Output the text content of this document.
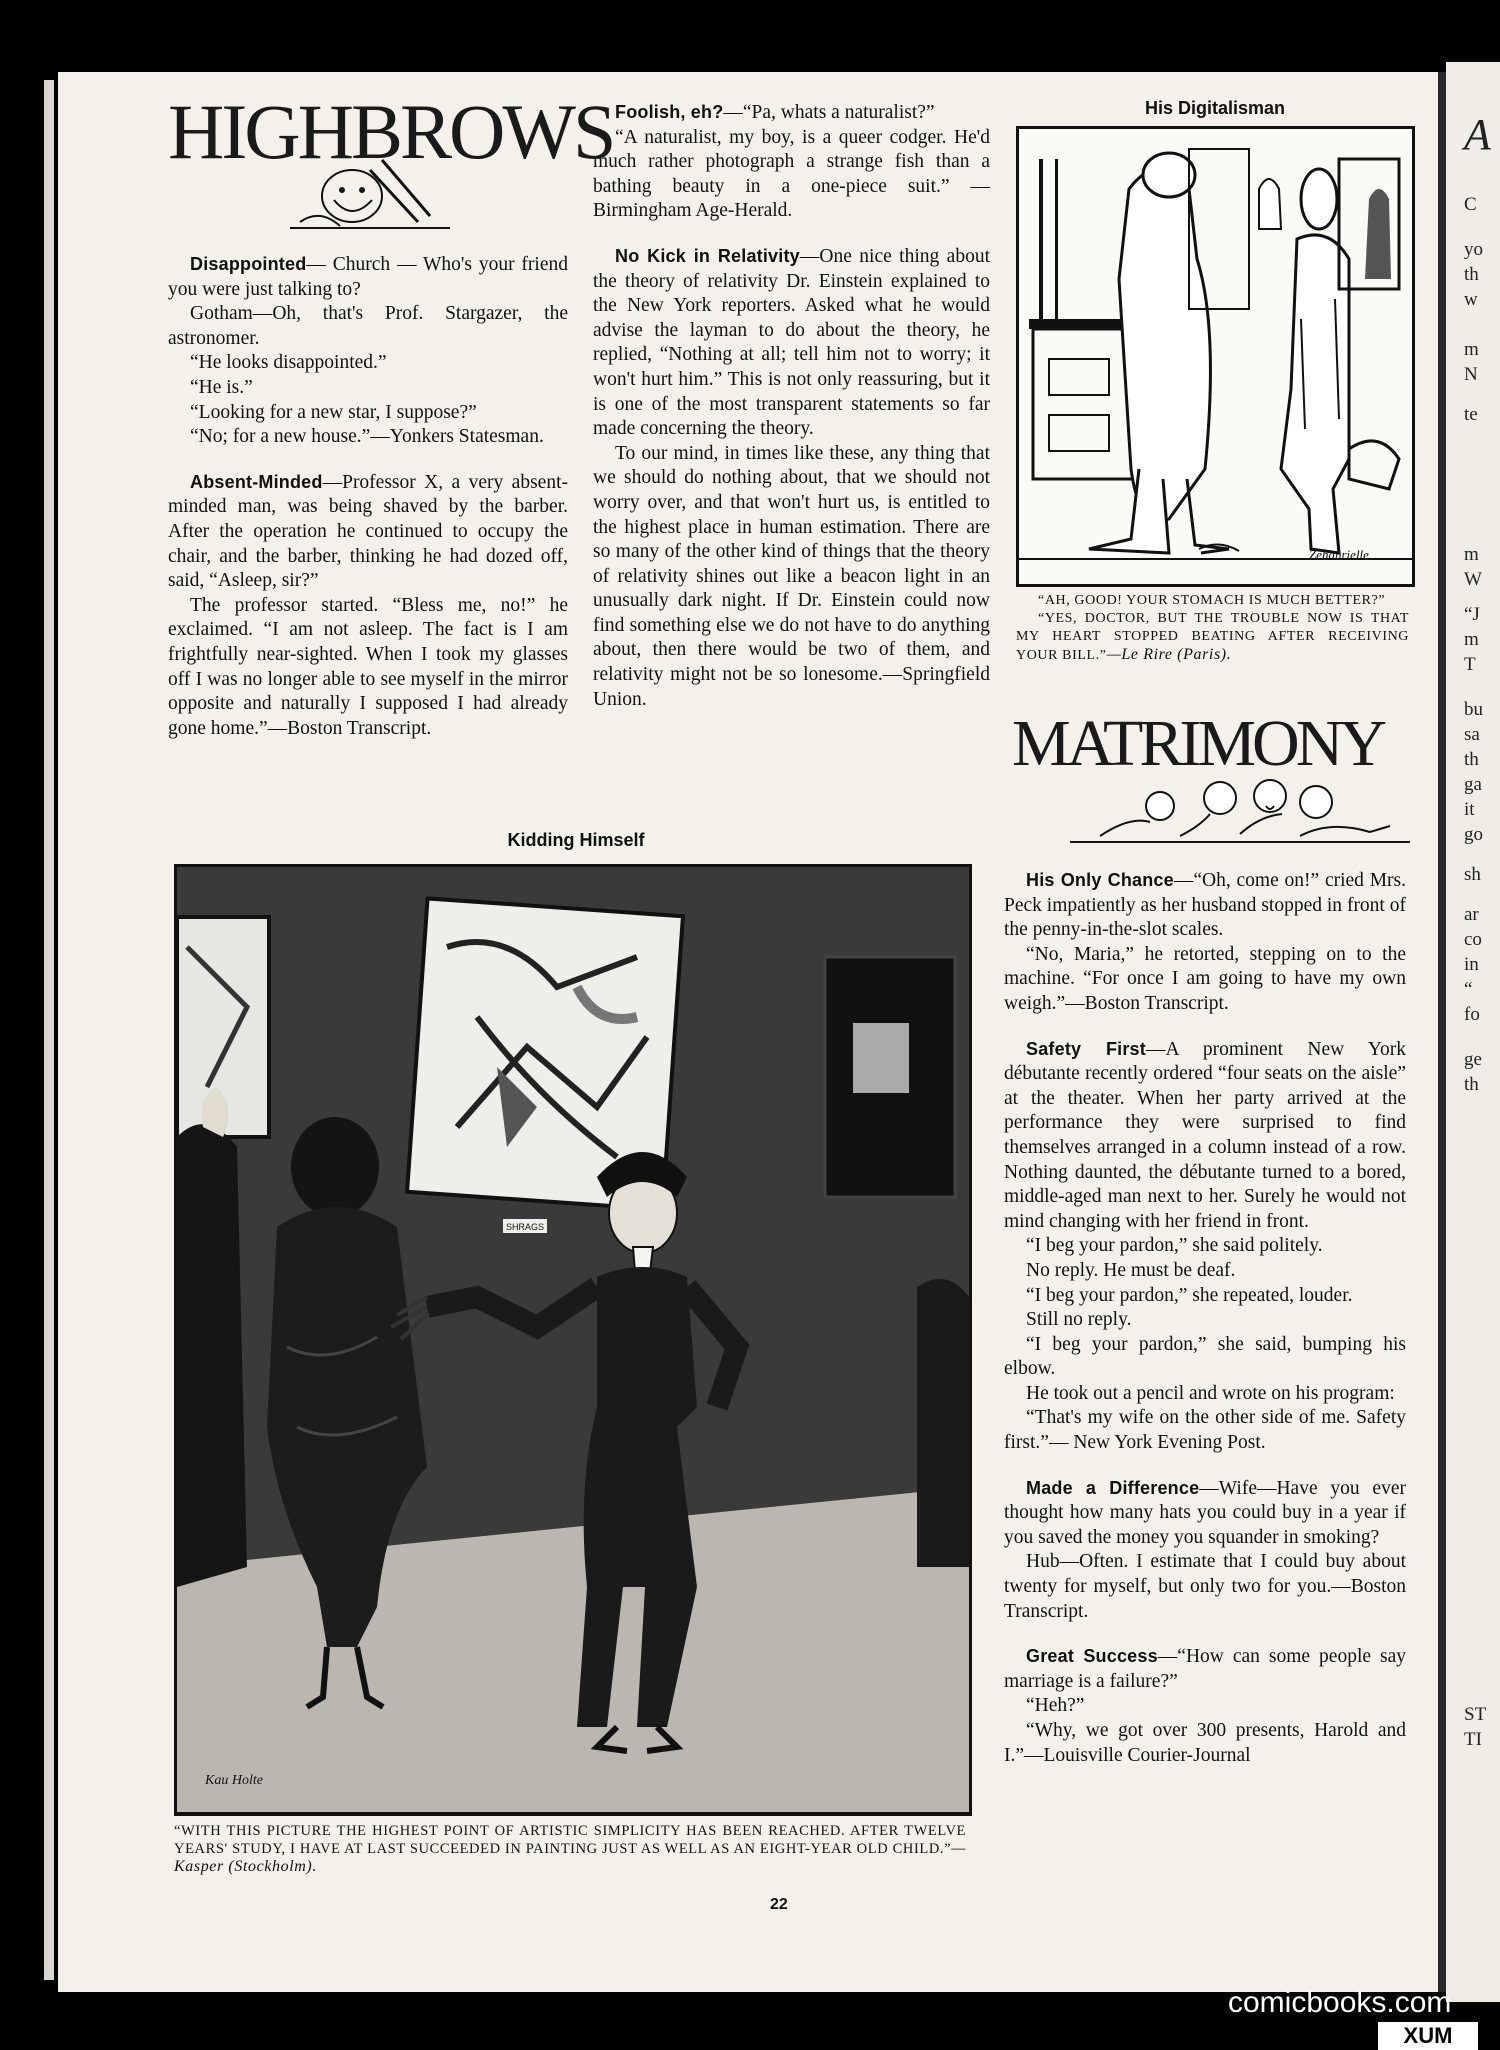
A
C
yo
th
w
m
N
te
m
W
“J
m
T
bu
sa
th
ga
it
go
sh
ar
co
in
“
fo
ge
th
ST
TI
HIGHBROWS

Disappointed— Church — Who's your friend you were just talking to?

Gotham—Oh, that's Prof. Stargazer, the astronomer.

“He looks disappointed.”

“He is.”

“Looking for a new star, I suppose?”

“No; for a new house.”—Yonkers Statesman.

Absent-Minded—Professor X, a very absent-minded man, was being shaved by the barber. After the operation he continued to occupy the chair, and the barber, thinking he had dozed off, said, “Asleep, sir?”

The professor started. “Bless me, no!” he exclaimed. “I am not asleep. The fact is I am frightfully near-sighted. When I took my glasses off I was no longer able to see myself in the mirror opposite and naturally I supposed I had already gone home.”—Boston Transcript.

Foolish, eh?—“Pa, whats a naturalist?”

“A naturalist, my boy, is a queer codger. He'd much rather photograph a strange fish than a bathing beauty in a one-piece suit.” — Birmingham Age-Herald.

No Kick in Relativity—One nice thing about the theory of relativity Dr. Einstein explained to the New York reporters. Asked what he would advise the layman to do about the theory, he replied, “Nothing at all; tell him not to worry; it won't hurt him.” This is not only reassuring, but it is one of the most transparent statements so far made concerning the theory.

To our mind, in times like these, any thing that we should do nothing about, that we should not worry over, and that won't hurt us, is entitled to the highest place in human estimation. There are so many of the other kind of things that the theory of relativity shines out like a beacon light in an unusually dark night. If Dr. Einstein could now find something else we do not have to do anything about, then there would be two of them, and relativity might not be so lonesome.—Springfield Union.

His Digitalisman
Zehanrielle
“AH, GOOD! YOUR STOMACH IS MUCH BETTER?”
“YES, DOCTOR, BUT THE TROUBLE NOW IS THAT MY HEART STOPPED BEATING AFTER RECEIVING YOUR BILL.”—Le Rire (Paris).
MATRIMONY

His Only Chance—“Oh, come on!” cried Mrs. Peck impatiently as her husband stopped in front of the penny-in-the-slot scales.

“No, Maria,” he retorted, stepping on to the machine. “For once I am going to have my own weigh.”—Boston Transcript.

Safety First—A prominent New York débutante recently ordered “four seats on the aisle” at the theater. When her party arrived at the performance they were surprised to find themselves arranged in a column instead of a row. Nothing daunted, the débutante turned to a bored, middle-aged man next to her. Surely he would not mind changing with her friend in front.

“I beg your pardon,” she said politely.

No reply. He must be deaf.

“I beg your pardon,” she repeated, louder.

Still no reply.

“I beg your pardon,” she said, bumping his elbow.

He took out a pencil and wrote on his program:

“That's my wife on the other side of me. Safety first.”— New York Evening Post.

Made a Difference—Wife—Have you ever thought how many hats you could buy in a year if you saved the money you squander in smoking?

Hub—Often. I estimate that I could buy about twenty for myself, but only two for you.—Boston Transcript.

Great Success—“How can some people say marriage is a failure?”

“Heh?”

“Why, we got over 300 presents, Harold and I.”—Louisville Courier-Journal

Kidding Himself
SHRAGS
Kau Holte
“WITH THIS PICTURE THE HIGHEST POINT OF ARTISTIC SIMPLICITY HAS BEEN REACHED. AFTER TWELVE YEARS' STUDY, I HAVE AT LAST SUCCEEDED IN PAINTING JUST AS WELL AS AN EIGHT-YEAR OLD CHILD.”—Kasper (Stockholm).
22
comicbooks.com
XUM
